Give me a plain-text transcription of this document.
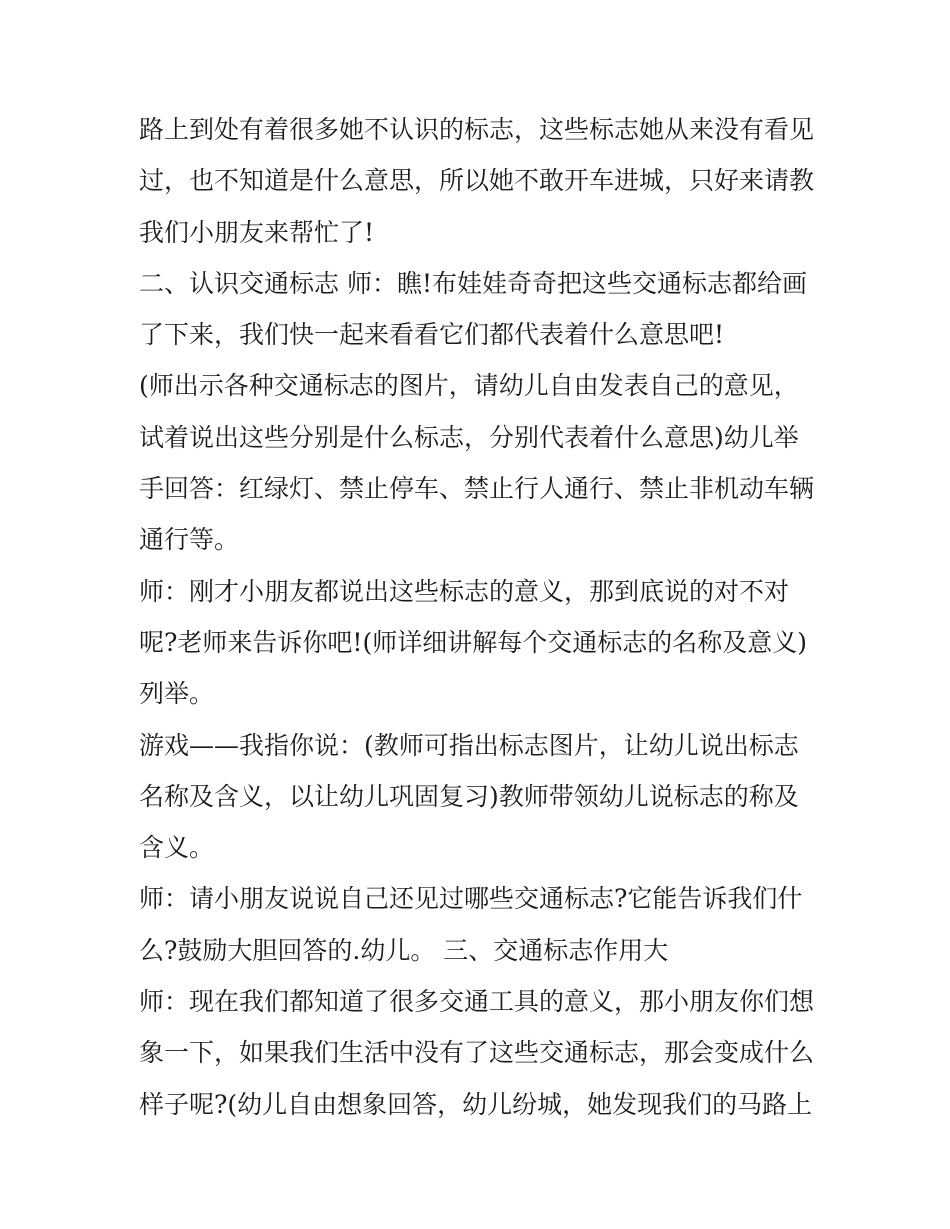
路上到处有着很多她不认识的标志，这些标志她从来没有看见
过，也不知道是什么意思，所以她不敢开车进城，只好来请教
我们小朋友来帮忙了!
二、认识交通标志 师：瞧!布娃娃奇奇把这些交通标志都给画
了下来，我们快一起来看看它们都代表着什么意思吧!
(师出示各种交通标志的图片，请幼儿自由发表自己的意见，
试着说出这些分别是什么标志，分别代表着什么意思)幼儿举
手回答：红绿灯、禁止停车、禁止行人通行、禁止非机动车辆
通行等。
师：刚才小朋友都说出这些标志的意义，那到底说的对不对
呢?老师来告诉你吧!(师详细讲解每个交通标志的名称及意义)
列举。
游戏——我指你说：(教师可指出标志图片，让幼儿说出标志
名称及含义，以让幼儿巩固复习)教师带领幼儿说标志的称及
含义。
师：请小朋友说说自己还见过哪些交通标志?它能告诉我们什
么?鼓励大胆回答的.幼儿。 三、交通标志作用大
师：现在我们都知道了很多交通工具的意义，那小朋友你们想
象一下，如果我们生活中没有了这些交通标志，那会变成什么
样子呢?(幼儿自由想象回答，幼儿纷城，她发现我们的马路上
